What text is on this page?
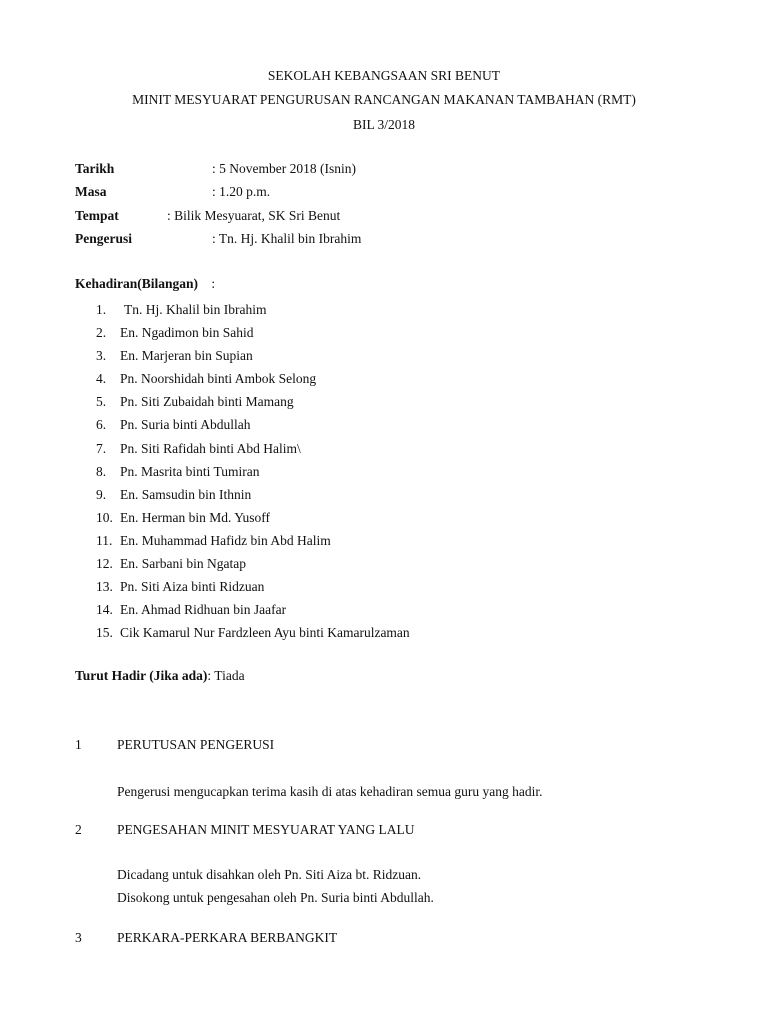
SEKOLAH KEBANGSAAN SRI BENUT
MINIT MESYUARAT PENGURUSAN RANCANGAN MAKANAN TAMBAHAN (RMT)
BIL 3/2018
Tarikh	: 5 November 2018 (Isnin)
Masa	: 1.20 p.m.
Tempat	: Bilik Mesyuarat, SK Sri Benut
Pengerusi	: Tn. Hj. Khalil bin Ibrahim
Kehadiran(Bilangan) :
1. Tn. Hj. Khalil bin Ibrahim
2. En. Ngadimon bin Sahid
3. En. Marjeran bin Supian
4. Pn. Noorshidah binti Ambok Selong
5. Pn. Siti Zubaidah binti Mamang
6. Pn. Suria binti Abdullah
7. Pn. Siti Rafidah binti Abd Halim\
8. Pn. Masrita binti Tumiran
9. En. Samsudin bin Ithnin
10. En. Herman bin Md. Yusoff
11. En. Muhammad Hafidz bin Abd Halim
12. En. Sarbani bin Ngatap
13. Pn. Siti Aiza binti Ridzuan
14. En. Ahmad Ridhuan bin Jaafar
15. Cik Kamarul Nur Fardzleen Ayu binti Kamarulzaman
Turut Hadir (Jika ada): Tiada
1	PERUTUSAN PENGERUSI
Pengerusi mengucapkan terima kasih di atas kehadiran semua guru yang hadir.
2	PENGESAHAN MINIT MESYUARAT YANG LALU
Dicadang untuk disahkan oleh Pn. Siti Aiza bt. Ridzuan.
Disokong untuk pengesahan oleh Pn. Suria binti Abdullah.
3	PERKARA-PERKARA BERBANGKIT
